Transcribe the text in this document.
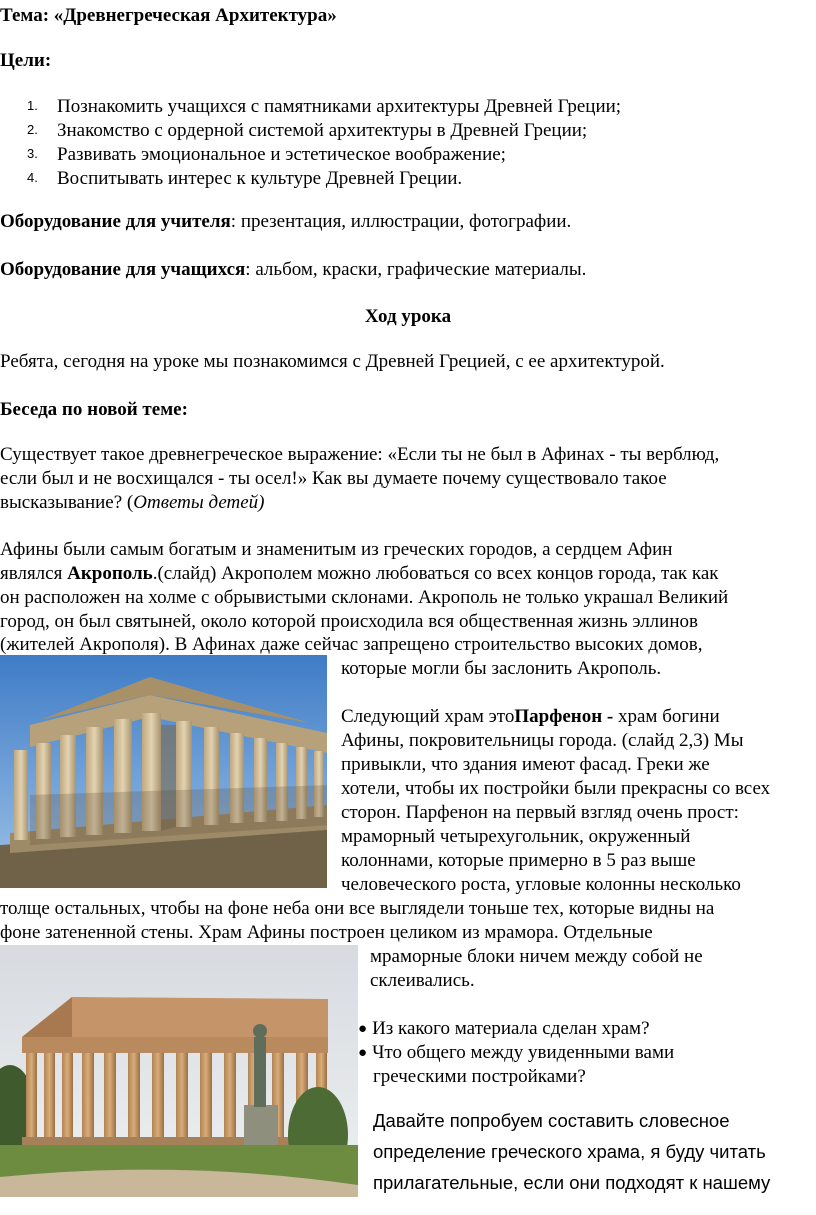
Тема: «Древнегреческая Архитектура»
Цели:
1. Познакомить учащихся с памятниками архитектуры Древней Греции;
2. Знакомство с ордерной системой архитектуры в Древней Греции;
3. Развивать эмоциональное и эстетическое воображение;
4. Воспитывать интерес к культуре Древней Греции.
Оборудование для учителя: презентация, иллюстрации, фотографии.
Оборудование для учащихся: альбом, краски, графические материалы.
Ход урока
Ребята, сегодня на уроке мы познакомимся с Древней Грецией, с ее архитектурой.
Беседа по новой теме:
Существует такое древнегреческое выражение: «Если ты не был в Афинах - ты верблюд,
если был и не восхищался - ты осел!» Как вы думаете почему существовало такое
высказывание? (Ответы детей)
Афины были самым богатым и знаменитым из греческих городов, а сердцем Афин
являлся Акрополь.(слайд) Акрополем можно любоваться со всех концов города, так как
он расположен на холме с обрывистыми склонами. Акрополь не только украшал Великий
город, он был святыней, около которой происходила вся общественная жизнь эллинов
(жителей Акрополя). В Афинах даже сейчас запрещено строительство высоких домов,
которые могли бы заслонить Акрополь.
Следующий храм этоПарфенон - храм богини
Афины, покровительницы города. (слайд 2,3) Мы
привыкли, что здания имеют фасад. Греки же
хотели, чтобы их постройки были прекрасны со всех
сторон. Парфенон на первый взгляд очень прост:
мраморный четырехугольник, окруженный
колоннами, которые примерно в 5 раз выше
человеческого роста, угловые колонны несколько
толще остальных, чтобы на фоне неба они все выглядели тоньше тех, которые видны на
фоне затененной стены. Храм Афины построен целиком из мрамора. Отдельные
мраморные блоки ничем между собой не
склеивались.
● Из какого материала сделан храм?
● Что общего между увиденными вами
греческими постройками?
Давайте попробуем составить словесное
определение греческого храма, я буду читать
прилагательные, если они подходят к нашему
